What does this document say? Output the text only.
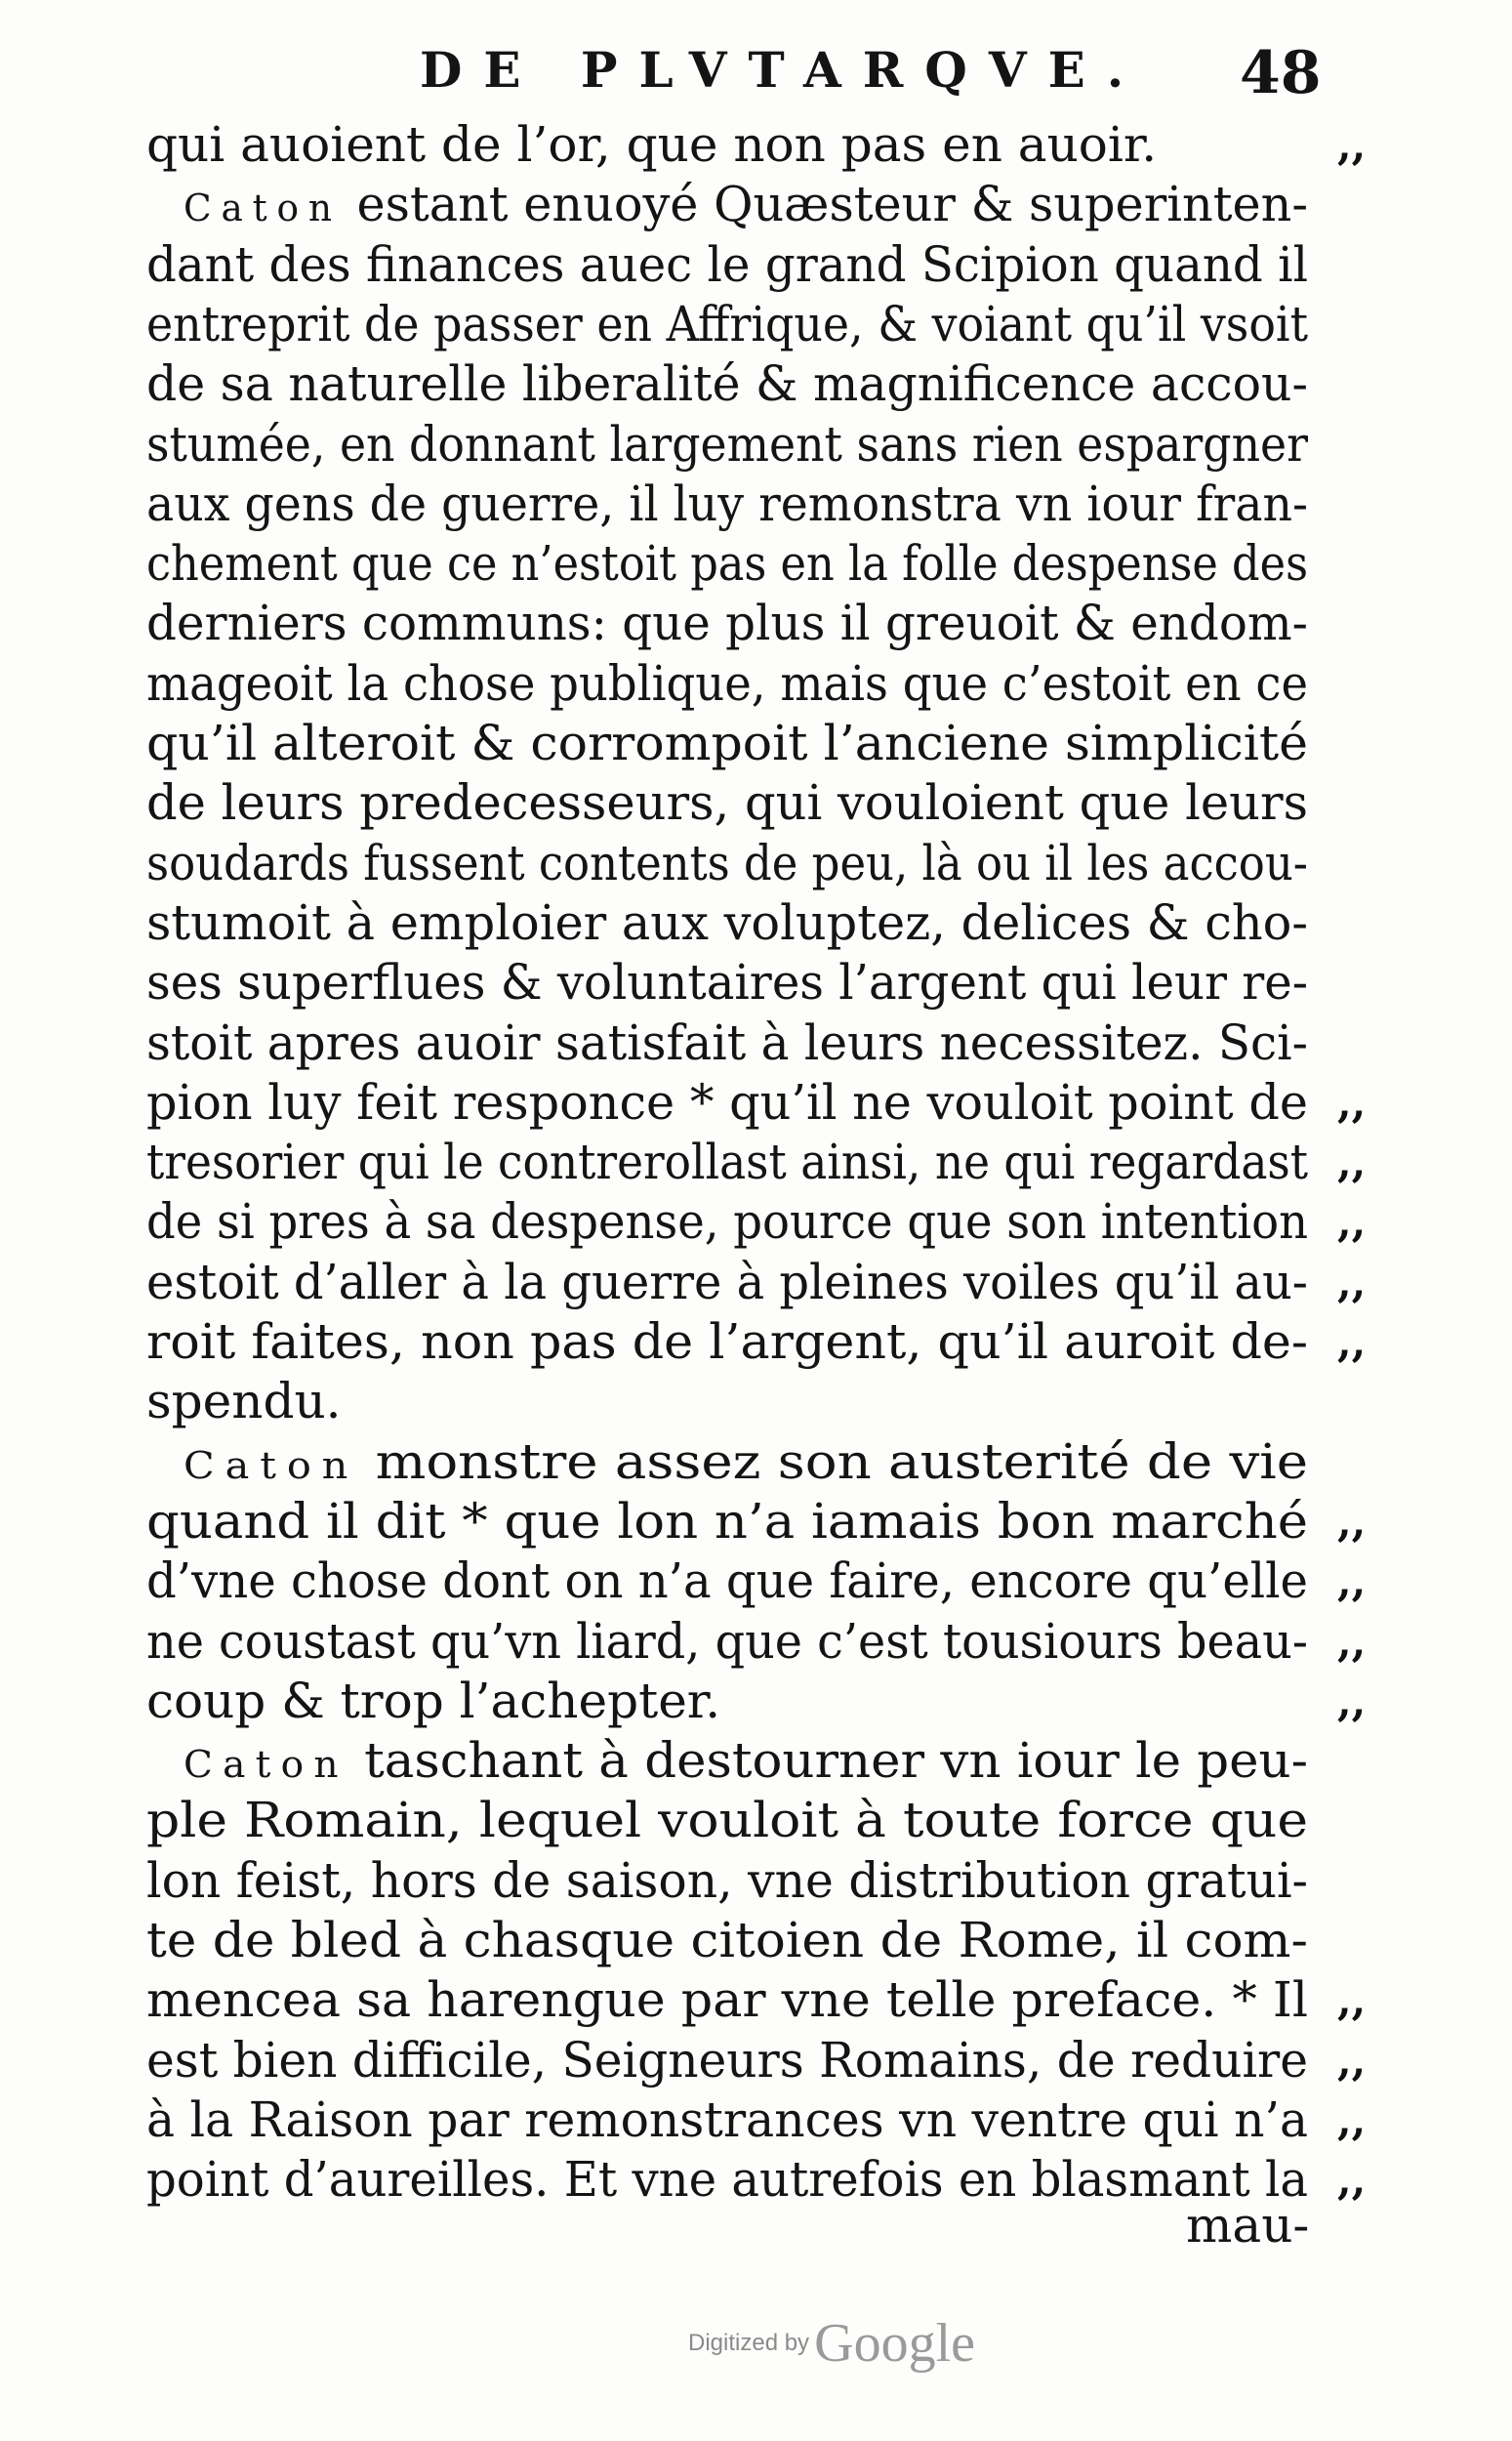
DE PLVTARQVE. 48
qui auoient de l’or, que non pas en auoir.
Caton estant enuoyé Quæsteur & superinten-
dant des finances auec le grand Scipion quand il
entreprit de passer en Affrique, & voiant qu’il vsoit
de sa naturelle liberalité & magnificence accou-
stumée, en donnant largement sans rien espargner
aux gens de guerre, il luy remonstra vn iour fran-
chement que ce n’estoit pas en la folle despense des
derniers communs: que plus il greuoit & endom-
mageoit la chose publique, mais que c’estoit en ce
qu’il alteroit & corrompoit l’anciene simplicité
de leurs predecesseurs, qui vouloient que leurs
soudards fussent contents de peu, là ou il les accou-
stumoit à emploier aux voluptez, delices & cho-
ses superflues & voluntaires l’argent qui leur re-
stoit apres auoir satisfait à leurs necessitez. Sci-
pion luy feit responce * qu’il ne vouloit point de
tresorier qui le contrerollast ainsi, ne qui regardast
de si pres à sa despense, pource que son intention
estoit d’aller à la guerre à pleines voiles qu’il au-
roit faites, non pas de l’argent, qu’il auroit de-
spendu.
Caton monstre assez son austerité de vie
quand il dit * que lon n’a iamais bon marché
d’vne chose dont on n’a que faire, encore qu’elle
ne coustast qu’vn liard, que c’est tousiours beau-
coup & trop l’achepter.
Caton taschant à destourner vn iour le peu-
ple Romain, lequel vouloit à toute force que
lon feist, hors de saison, vne distribution gratui-
te de bled à chasque citoien de Rome, il com-
mencea sa harengue par vne telle preface. * Il
est bien difficile, Seigneurs Romains, de reduire
à la Raison par remonstrances vn ventre qui n’a
point d’aureilles. Et vne autrefois en blasmant la
mau-
Digitized by Google
,,
,,
,,
,,
,,
,,
,,
,,
,,
,,
,,
,,
,,
,,
